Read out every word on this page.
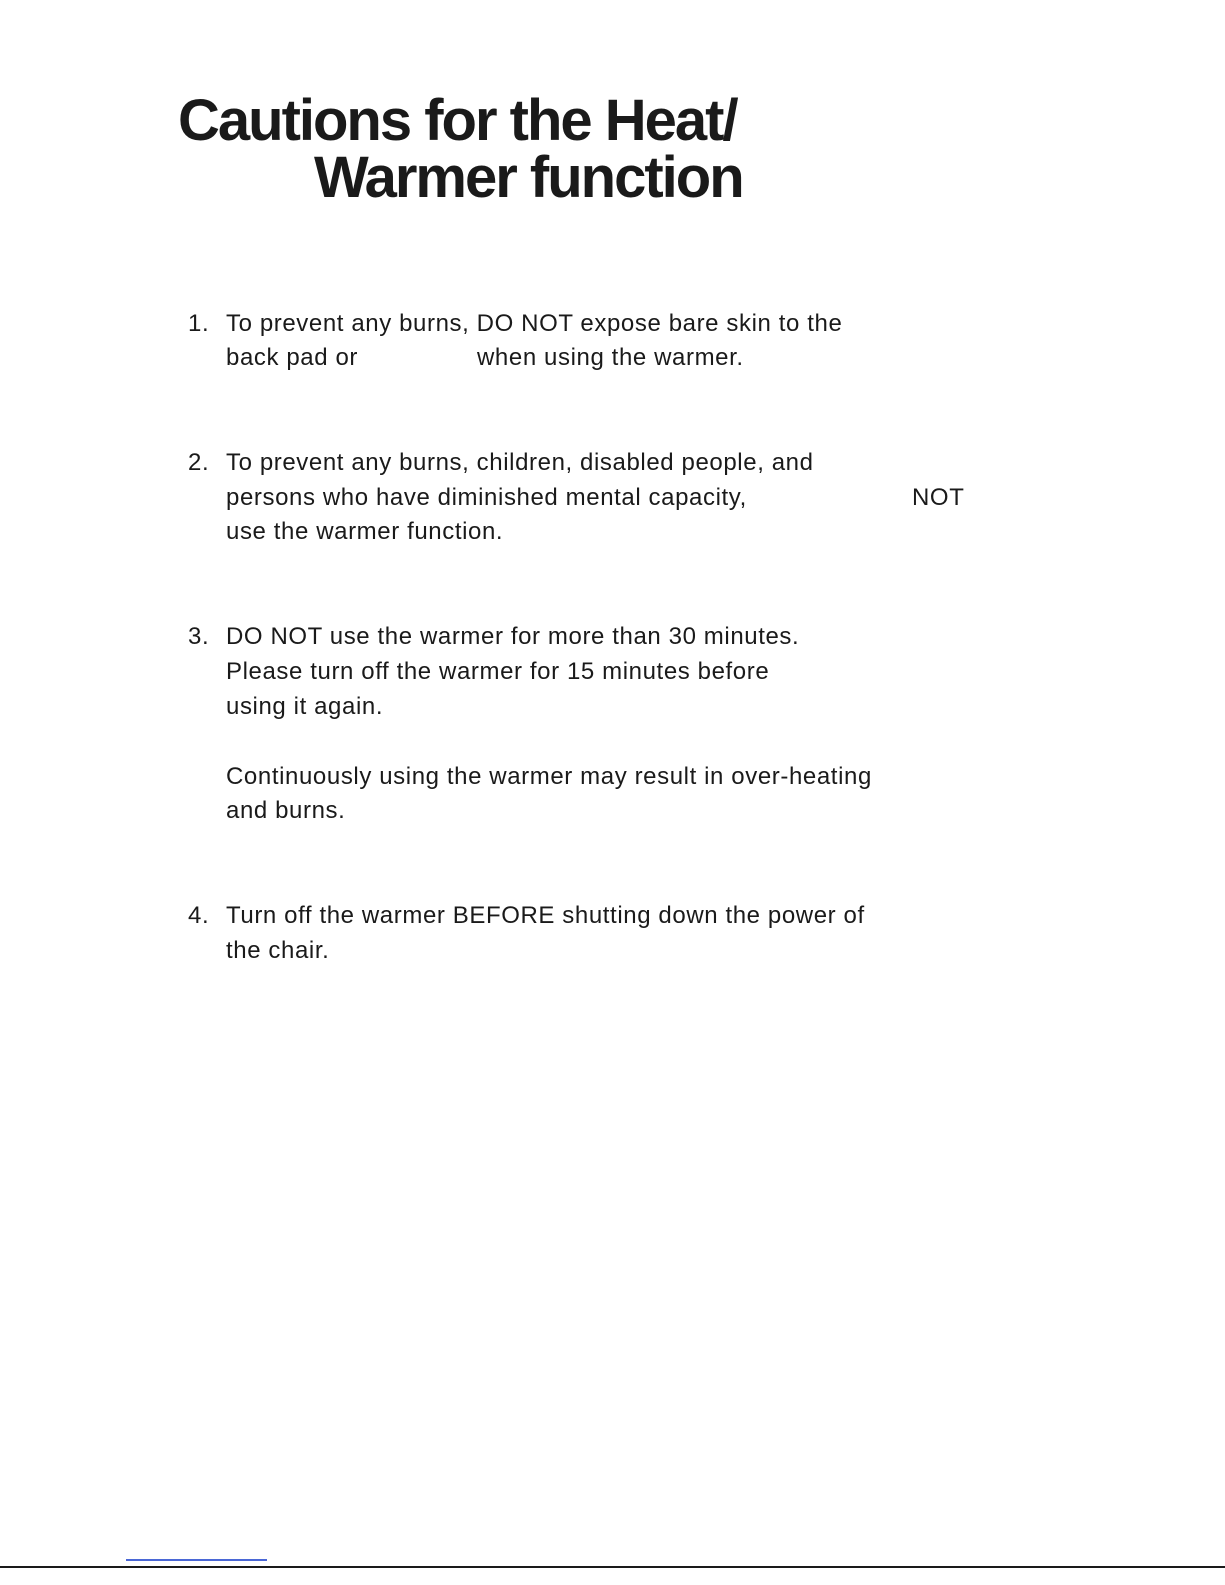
Cautions for the Heat/
Warmer function
1. To prevent any burns, DO NOT expose bare skin to the
back pad or	when using the warmer.
2. To prevent any burns, children, disabled people, and
persons who have diminished mental capacity,	NOT
use the warmer function.
3. DO NOT use the warmer for more than 30 minutes.
Please turn off the warmer for 15 minutes before
using it again.
Continuously using the warmer may result in over-heating
and burns.
4. Turn off the warmer BEFORE shutting down the power of
the chair.
